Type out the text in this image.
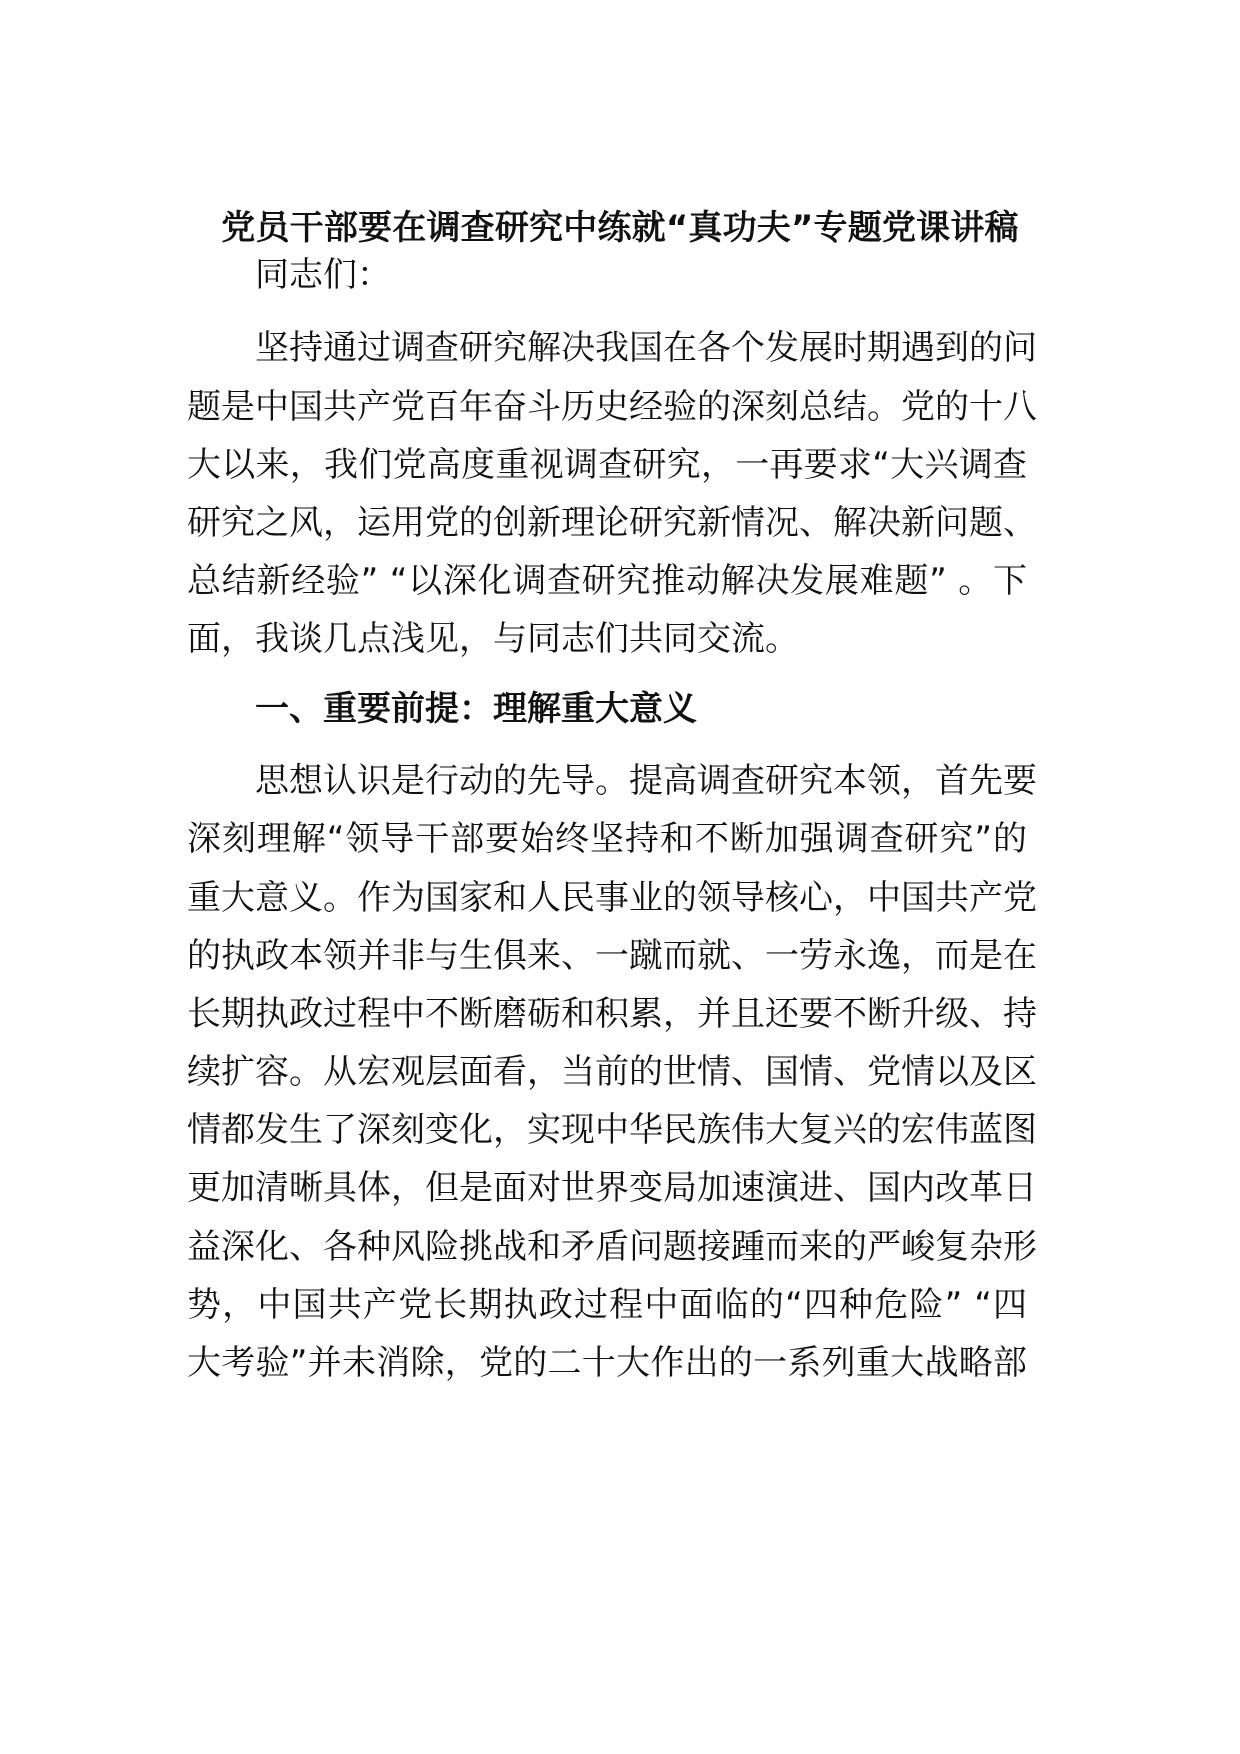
党员干部要在调查研究中练就“真功夫”专题党课讲稿
同志们：
坚持通过调查研究解决我国在各个发展时期遇到的问
题是中国共产党百年奋斗历史经验的深刻总结。党的十八
大以来，我们党高度重视调查研究，一再要求“大兴调查
研究之风，运用党的创新理论研究新情况、解决新问题、
总结新经验” “以深化调查研究推动解决发展难题” 。下
面，我谈几点浅见，与同志们共同交流。
一、重要前提：理解重大意义
思想认识是行动的先导。提高调查研究本领，首先要
深刻理解“领导干部要始终坚持和不断加强调查研究”的
重大意义。作为国家和人民事业的领导核心，中国共产党
的执政本领并非与生俱来、一蹴而就、一劳永逸，而是在
长期执政过程中不断磨砺和积累，并且还要不断升级、持
续扩容。从宏观层面看，当前的世情、国情、党情以及区
情都发生了深刻变化，实现中华民族伟大复兴的宏伟蓝图
更加清晰具体，但是面对世界变局加速演进、国内改革日
益深化、各种风险挑战和矛盾问题接踵而来的严峻复杂形
势，中国共产党长期执政过程中面临的“四种危险” “四
大考验”并未消除，党的二十大作出的一系列重大战略部
